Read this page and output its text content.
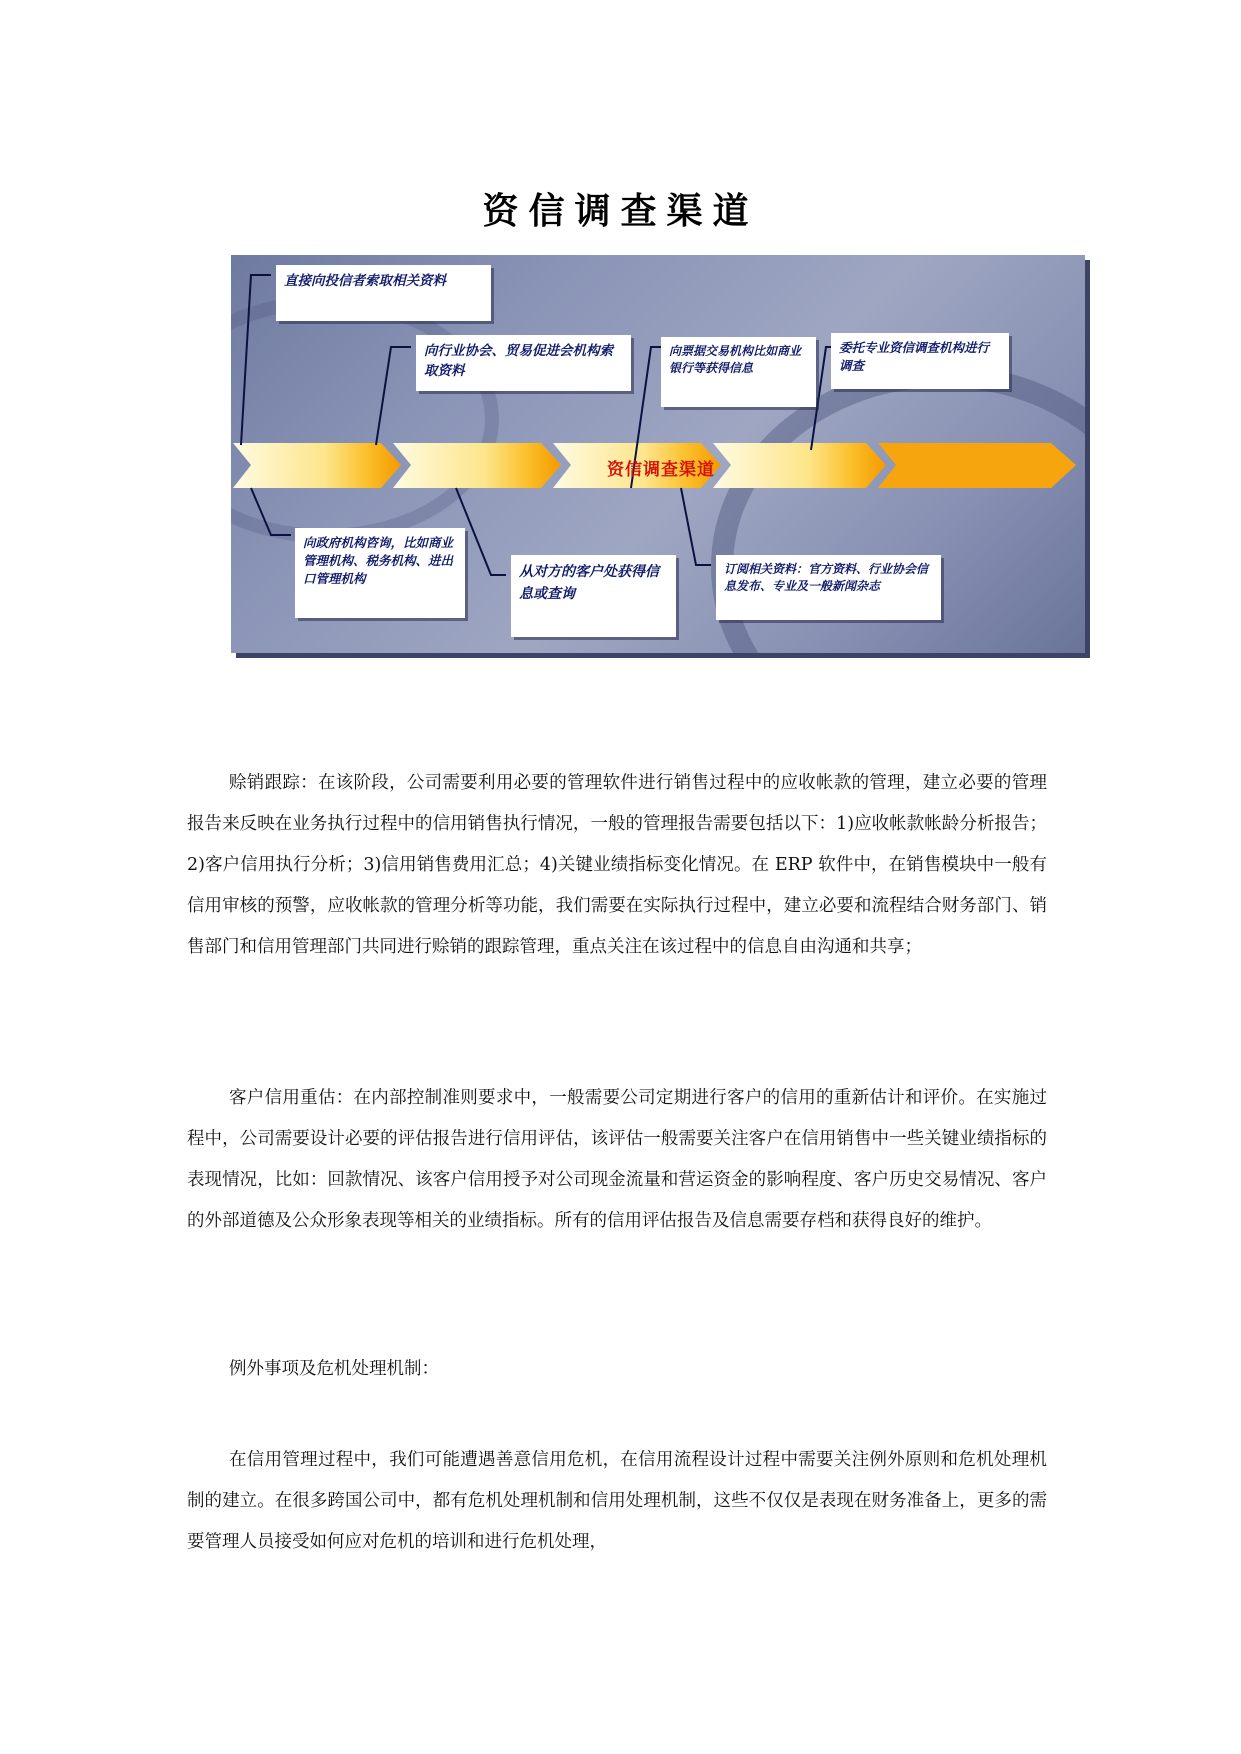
资信调查渠道
直接向投信者索取相关资料
向行业协会、贸易促进会机构索取资料
向票据交易机构比如商业银行等获得信息
委托专业资信调查机构进行调查
资信调查渠道
向政府机构咨询，比如商业管理机构、税务机构、进出口管理机构	从对方的客户处获得信息或查询
订阅相关资料：官方资料、行业协会信息发布、专业及一般新闻杂志

赊销跟踪：在该阶段，公司需要利用必要的管理软件进行销售过程中的应收帐款的管理，建立必要的管理报告来反映在业务执行过程中的信用销售执行情况，一般的管理报告需要包括以下：1)应收帐款帐龄分析报告；2)客户信用执行分析；3)信用销售费用汇总；4)关键业绩指标变化情况。在 ERP 软件中，在销售模块中一般有信用审核的预警，应收帐款的管理分析等功能，我们需要在实际执行过程中，建立必要和流程结合财务部门、销售部门和信用管理部门共同进行赊销的跟踪管理，重点关注在该过程中的信息自由沟通和共享；

客户信用重估：在内部控制准则要求中，一般需要公司定期进行客户的信用的重新估计和评价。在实施过程中，公司需要设计必要的评估报告进行信用评估，该评估一般需要关注客户在信用销售中一些关键业绩指标的表现情况，比如：回款情况、该客户信用授予对公司现金流量和营运资金的影响程度、客户历史交易情况、客户的外部道德及公众形象表现等相关的业绩指标。所有的信用评估报告及信息需要存档和获得良好的维护。

例外事项及危机处理机制：

在信用管理过程中，我们可能遭遇善意信用危机，在信用流程设计过程中需要关注例外原则和危机处理机制的建立。在很多跨国公司中，都有危机处理机制和信用处理机制，这些不仅仅是表现在财务准备上，更多的需要管理人员接受如何应对危机的培训和进行危机处理，
